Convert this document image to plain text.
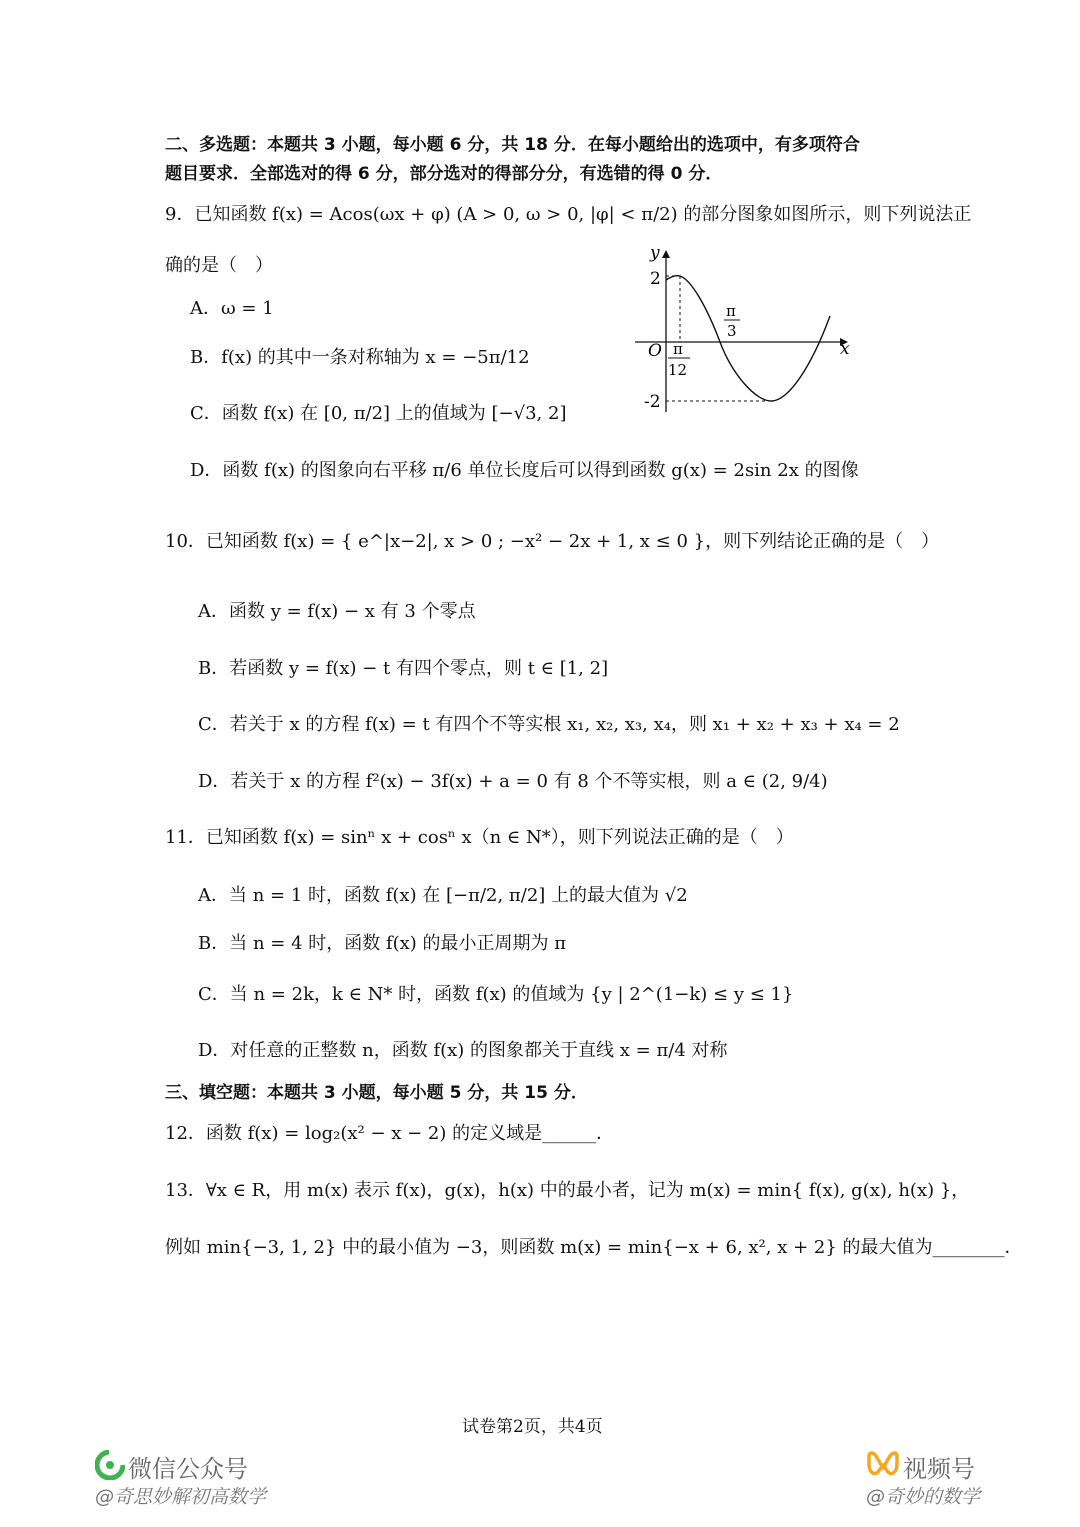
二、多选题：本题共 3 小题，每小题 6 分，共 18 分．在每小题给出的选项中，有多项符合
题目要求．全部选对的得 6 分，部分选对的得部分分，有选错的得 0 分．
9．已知函数 f(x) = Acos(ωx + φ) (A > 0, ω > 0, |φ| < π/2) 的部分图象如图所示，则下列说法正
确的是（　）
A．ω = 1
B．f(x) 的其中一条对称轴为 x = −5π/12
C．函数 f(x) 在 [0, π/2] 上的值域为 [−√3, 2]
D．函数 f(x) 的图象向右平移 π/6 单位长度后可以得到函数 g(x) = 2sin 2x 的图像
y
x
O
2
-2
π
12
π
3
10．已知函数 f(x) = { e^|x−2|, x > 0 ; −x² − 2x + 1, x ≤ 0 }，则下列结论正确的是（　）
A．函数 y = f(x) − x 有 3 个零点
B．若函数 y = f(x) − t 有四个零点，则 t ∈ [1, 2]
C．若关于 x 的方程 f(x) = t 有四个不等实根 x₁, x₂, x₃, x₄，则 x₁ + x₂ + x₃ + x₄ = 2
D．若关于 x 的方程 f²(x) − 3f(x) + a = 0 有 8 个不等实根，则 a ∈ (2, 9/4)
11．已知函数 f(x) = sinⁿ x + cosⁿ x（n ∈ N*），则下列说法正确的是（　）
A．当 n = 1 时，函数 f(x) 在 [−π/2, π/2] 上的最大值为 √2
B．当 n = 4 时，函数 f(x) 的最小正周期为 π
C．当 n = 2k，k ∈ N* 时，函数 f(x) 的值域为 {y | 2^(1−k) ≤ y ≤ 1}
D．对任意的正整数 n，函数 f(x) 的图象都关于直线 x = π/4 对称
三、填空题：本题共 3 小题，每小题 5 分，共 15 分．
12．函数 f(x) = log₂(x² − x − 2) 的定义域是______．
13．∀x ∈ R，用 m(x) 表示 f(x)，g(x)，h(x) 中的最小者，记为 m(x) = min{ f(x), g(x), h(x) }，
例如 min{−3, 1, 2} 中的最小值为 −3，则函数 m(x) = min{−x + 6, x², x + 2} 的最大值为________．
试卷第2页，共4页
微信公众号
@奇思妙解初高数学
视频号
@奇妙的数学
